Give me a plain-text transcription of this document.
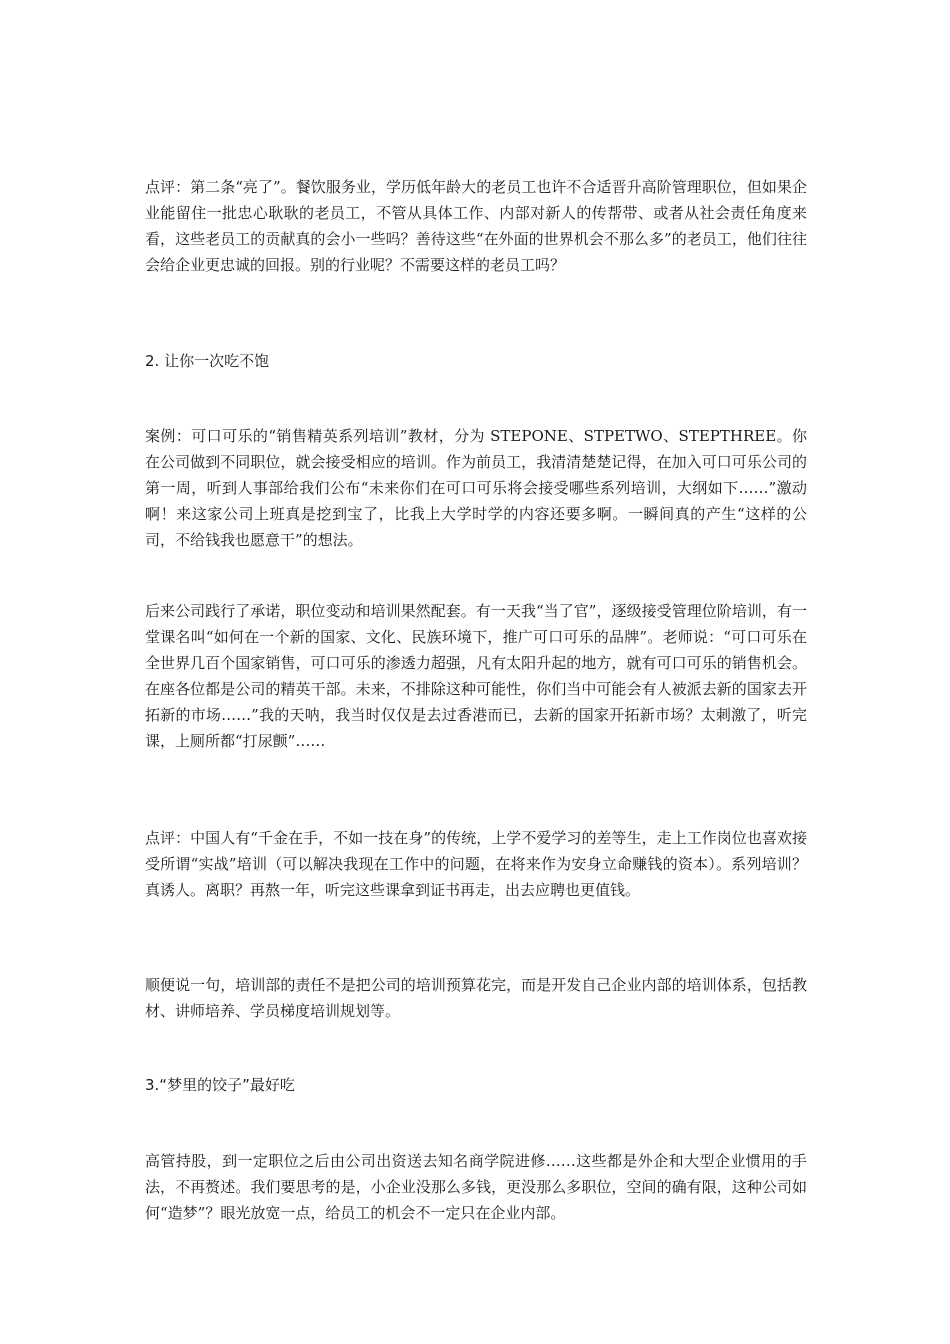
点评：第二条“亮了”。餐饮服务业，学历低年龄大的老员工也许不合适晋升高阶管理职位，但如果企业能留住一批忠心耿耿的老员工，不管从具体工作、内部对新人的传帮带、或者从社会责任角度来看，这些老员工的贡献真的会小一些吗？善待这些“在外面的世界机会不那么多”的老员工，他们往往会给企业更忠诚的回报。别的行业呢？不需要这样的老员工吗？

2. 让你一次吃不饱

案例：可口可乐的“销售精英系列培训”教材，分为 STEPONE、STPETWO、STEPTHREE。你在公司做到不同职位，就会接受相应的培训。作为前员工，我清清楚楚记得，在加入可口可乐公司的第一周，听到人事部给我们公布“未来你们在可口可乐将会接受哪些系列培训，大纲如下……”激动啊！来这家公司上班真是挖到宝了，比我上大学时学的内容还要多啊。一瞬间真的产生“这样的公司，不给钱我也愿意干”的想法。

后来公司践行了承诺，职位变动和培训果然配套。有一天我“当了官”，逐级接受管理位阶培训，有一堂课名叫“如何在一个新的国家、文化、民族环境下，推广可口可乐的品牌”。老师说：“可口可乐在全世界几百个国家销售，可口可乐的渗透力超强，凡有太阳升起的地方，就有可口可乐的销售机会。在座各位都是公司的精英干部。未来，不排除这种可能性，你们当中可能会有人被派去新的国家去开拓新的市场……”我的天呐，我当时仅仅是去过香港而已，去新的国家开拓新市场？太刺激了，听完课，上厕所都“打尿颤”……

点评：中国人有“千金在手，不如一技在身”的传统，上学不爱学习的差等生，走上工作岗位也喜欢接受所谓“实战”培训（可以解决我现在工作中的问题，在将来作为安身立命赚钱的资本）。系列培训？真诱人。离职？再熬一年，听完这些课拿到证书再走，出去应聘也更值钱。

顺便说一句，培训部的责任不是把公司的培训预算花完，而是开发自己企业内部的培训体系，包括教材、讲师培养、学员梯度培训规划等。

3.“梦里的饺子”最好吃

高管持股，到一定职位之后由公司出资送去知名商学院进修……这些都是外企和大型企业惯用的手法，不再赘述。我们要思考的是，小企业没那么多钱，更没那么多职位，空间的确有限，这种公司如何“造梦”？眼光放宽一点，给员工的机会不一定只在企业内部。
